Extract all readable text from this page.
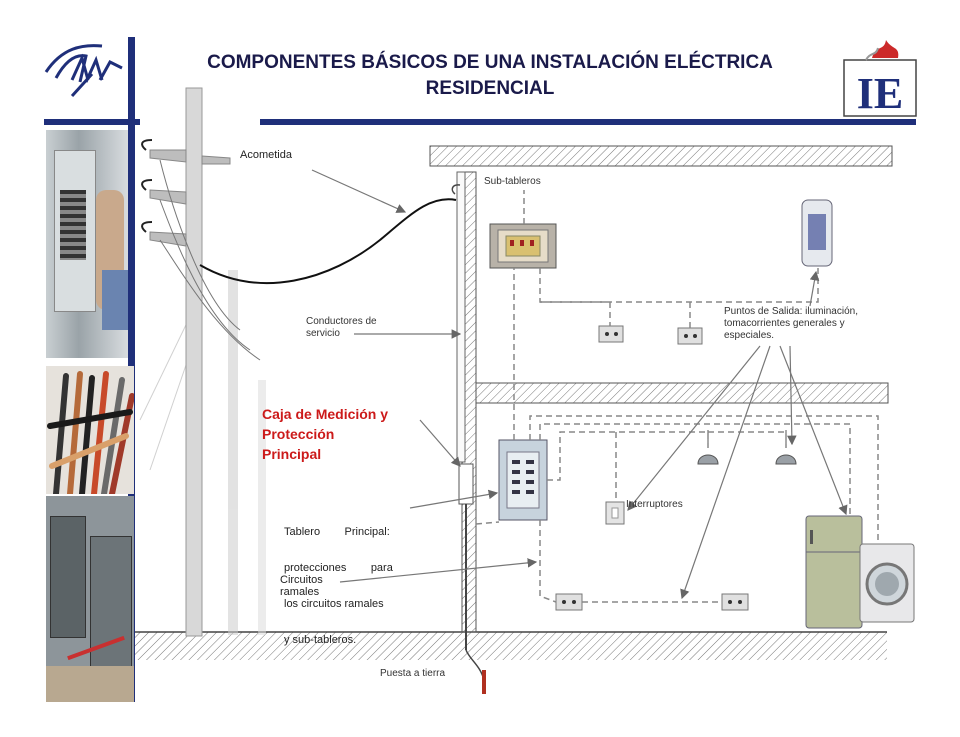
COMPONENTES BÁSICOS DE UNA INSTALACIÓN ELÉCTRICA
RESIDENCIAL	IE
Acometida
Sub-tableros
Conductores de
servicio
Puntos de Salida: iluminación,
tomacorrientes generales y
especiales.
Caja de Medición y
Protección
Principal

Tablero        Principal:

protecciones        para

los circuitos ramales

y sub-tableros.

Interruptores
Circuitos
ramales
Puesta a tierra
